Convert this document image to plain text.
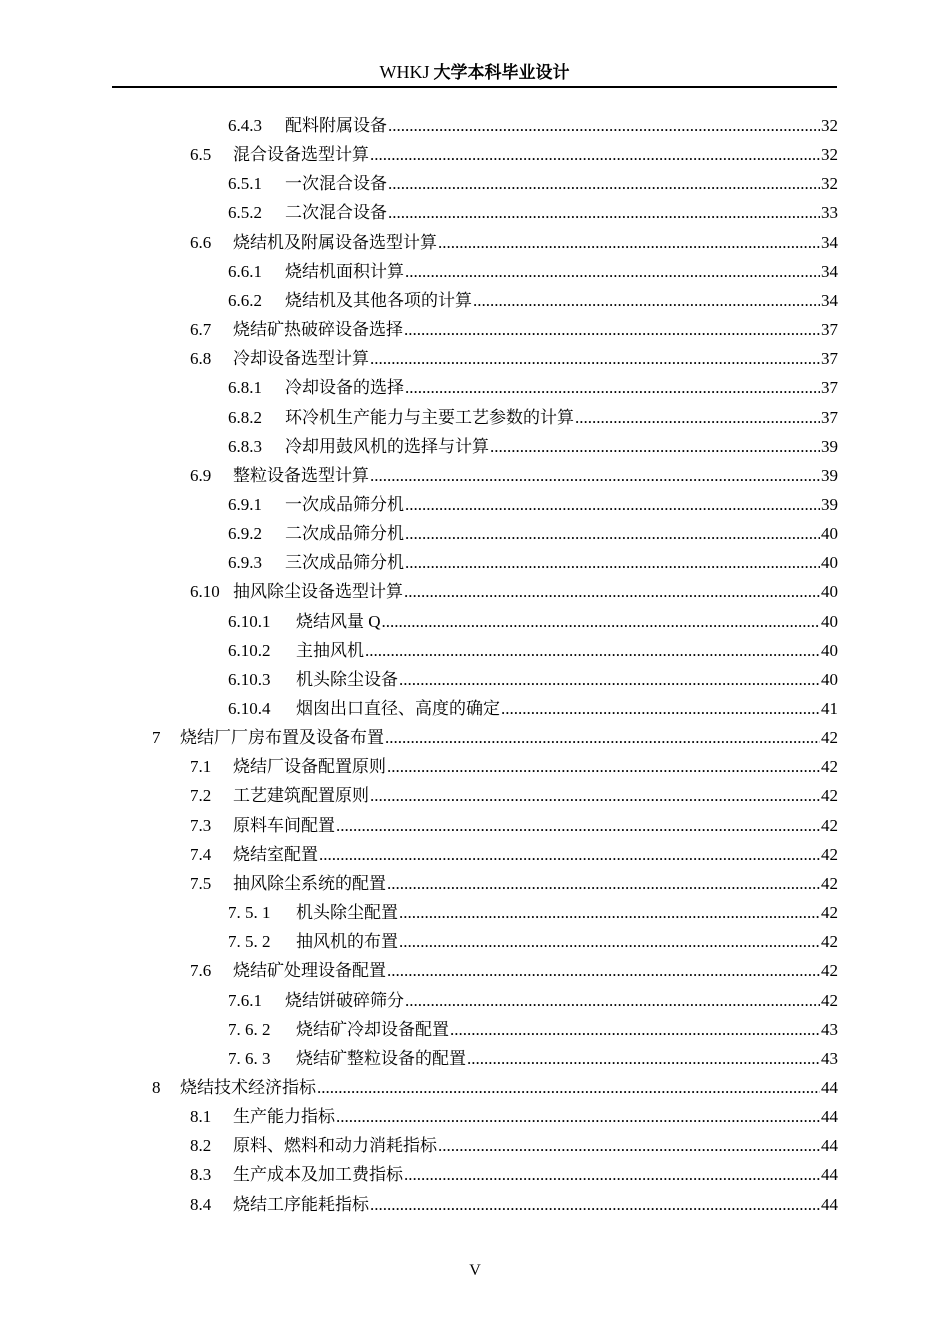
WHKJ 大学本科毕业设计
6.4.3	配料附属设备 .....	32
6.5	混合设备选型计算 .....	32
6.5.1	一次混合设备 .....	32
6.5.2	二次混合设备 .....	33
6.6	烧结机及附属设备选型计算 .....	34
6.6.1	烧结机面积计算 .....	34
6.6.2	烧结机及其他各项的计算 .....	34
6.7	烧结矿热破碎设备选择 .....	37
6.8	冷却设备选型计算 .....	37
6.8.1	冷却设备的选择 .....	37
6.8.2	环冷机生产能力与主要工艺参数的计算 .....	37
6.8.3	冷却用鼓风机的选择与计算 .....	39
6.9	整粒设备选型计算 .....	39
6.9.1	一次成品筛分机 .....	39
6.9.2	二次成品筛分机 .....	40
6.9.3	三次成品筛分机 .....	40
6.10 抽风除尘设备选型计算 .....	40
6.10.1	烧结风量 Q .....	40
6.10.2	主抽风机 .....	40
6.10.3	机头除尘设备 .....	40
6.10.4	烟囱出口直径、高度的确定 .....	41
7	烧结厂厂房布置及设备布置 .....	42
7.1	烧结厂设备配置原则 .....	42
7.2	工艺建筑配置原则 .....	42
7.3	原料车间配置 .....	42
7.4	烧结室配置 .....	42
7.5	抽风除尘系统的配置 .....	42
7. 5. 1	机头除尘配置 .....	42
7. 5. 2	抽风机的布置 .....	42
7.6	烧结矿处理设备配置 .....	42
7.6.1	烧结饼破碎筛分 .....	42
7. 6. 2	烧结矿冷却设备配置 .....	43
7. 6. 3	烧结矿整粒设备的配置 .....	43
8	烧结技术经济指标 .....	44
8.1	生产能力指标 .....	44
8.2	原料、燃料和动力消耗指标 .....	44
8.3	生产成本及加工费指标 .....	44
8.4	烧结工序能耗指标 .....	44
V
